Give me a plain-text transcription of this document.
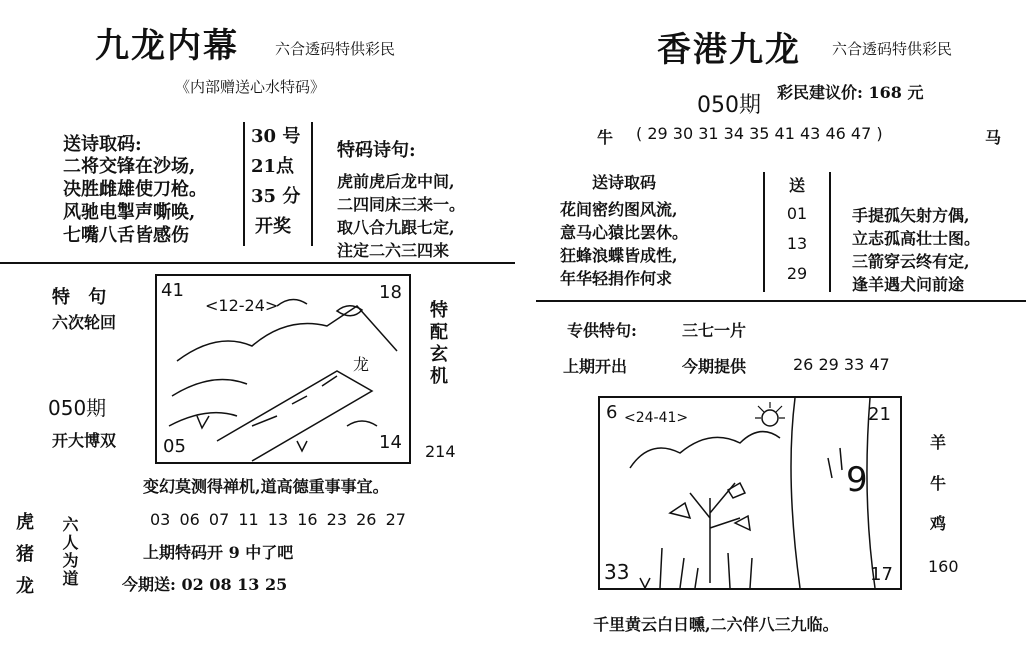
九龙内幕 六合透码特供彩民
《内部赠送心水特码》
送诗取码:
二将交锋在沙场,
决胜雌雄使刀枪。
风驰电掣声嘶唤,
七嘴八舌皆感伤
30 号
21点
35 分
开奖
特码诗句:
虎前虎后龙中间,
二四同床三来一。
取八合九跟七定,
注定二六三四来
特 句
六次轮回
050期
开大博双
41
<12-24>
18
05	14
龙	特配玄机
214
变幻莫测得禅机,道高德重事事宜。
03 06 07 11 13 16 23 26 27
虎猪龙 六人为道	上期特码开 9 中了吧
今期送: 02 08 13 25
香港九龙 六合透码特供彩民
050期
彩民建议价: 168 元
牛 ( 29 30 31 34 35 41 43 46 47 )	马
送诗取码
花间密约图风流,
意马心猿比罢休。
狂蜂浪蝶皆成性,
年华轻捐作何求
送
01
13
29
手提孤矢射方偶,
立志孤高壮士图。
三箭穿云终有定,
逢羊遇犬问前途
专供特句:	三七一片
上期开出	今期提供	26 29 33 47
6 <24-41>	21
33	17
9
羊
牛
鸡
160
千里黄云白日曛,二六伴八三九临。
